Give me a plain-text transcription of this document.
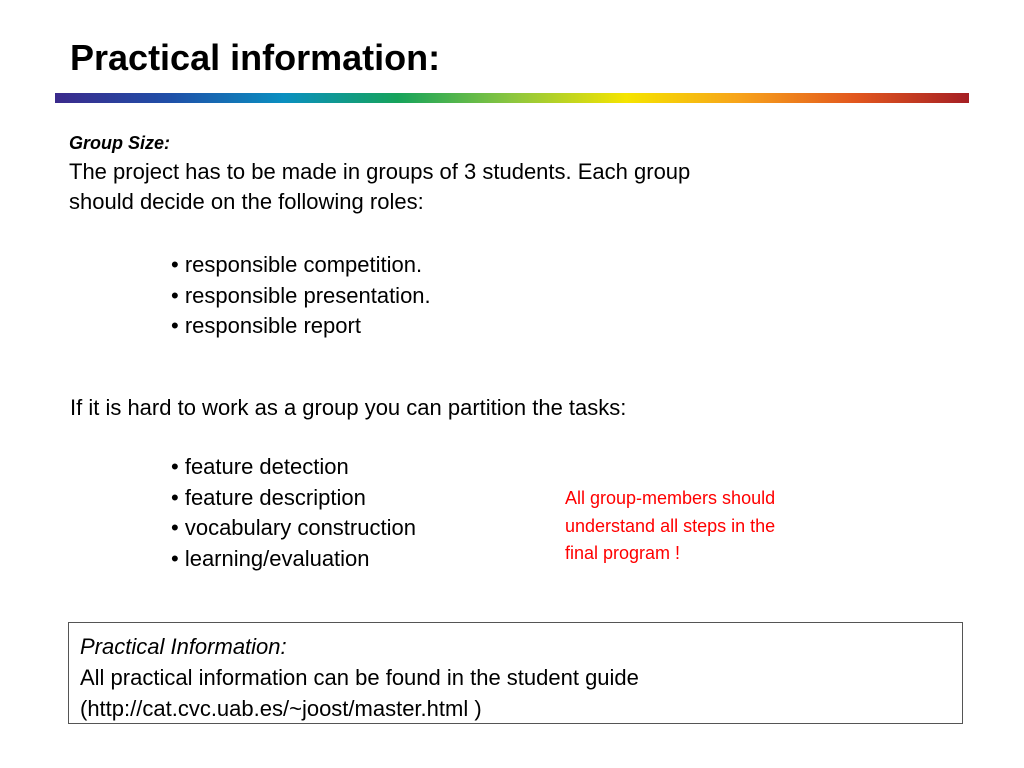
Practical information:
Group Size:
The project has to be made in groups of 3 students. Each group
should decide on the following roles:
• responsible competition.
• responsible presentation.
• responsible report
If it is hard to work as a group you can partition the tasks:
• feature detection
• feature description
• vocabulary construction
• learning/evaluation
All group-members should
understand all steps in the
final program !
Practical Information:
All practical information can be found in the student guide
(http://cat.cvc.uab.es/~joost/master.html )
